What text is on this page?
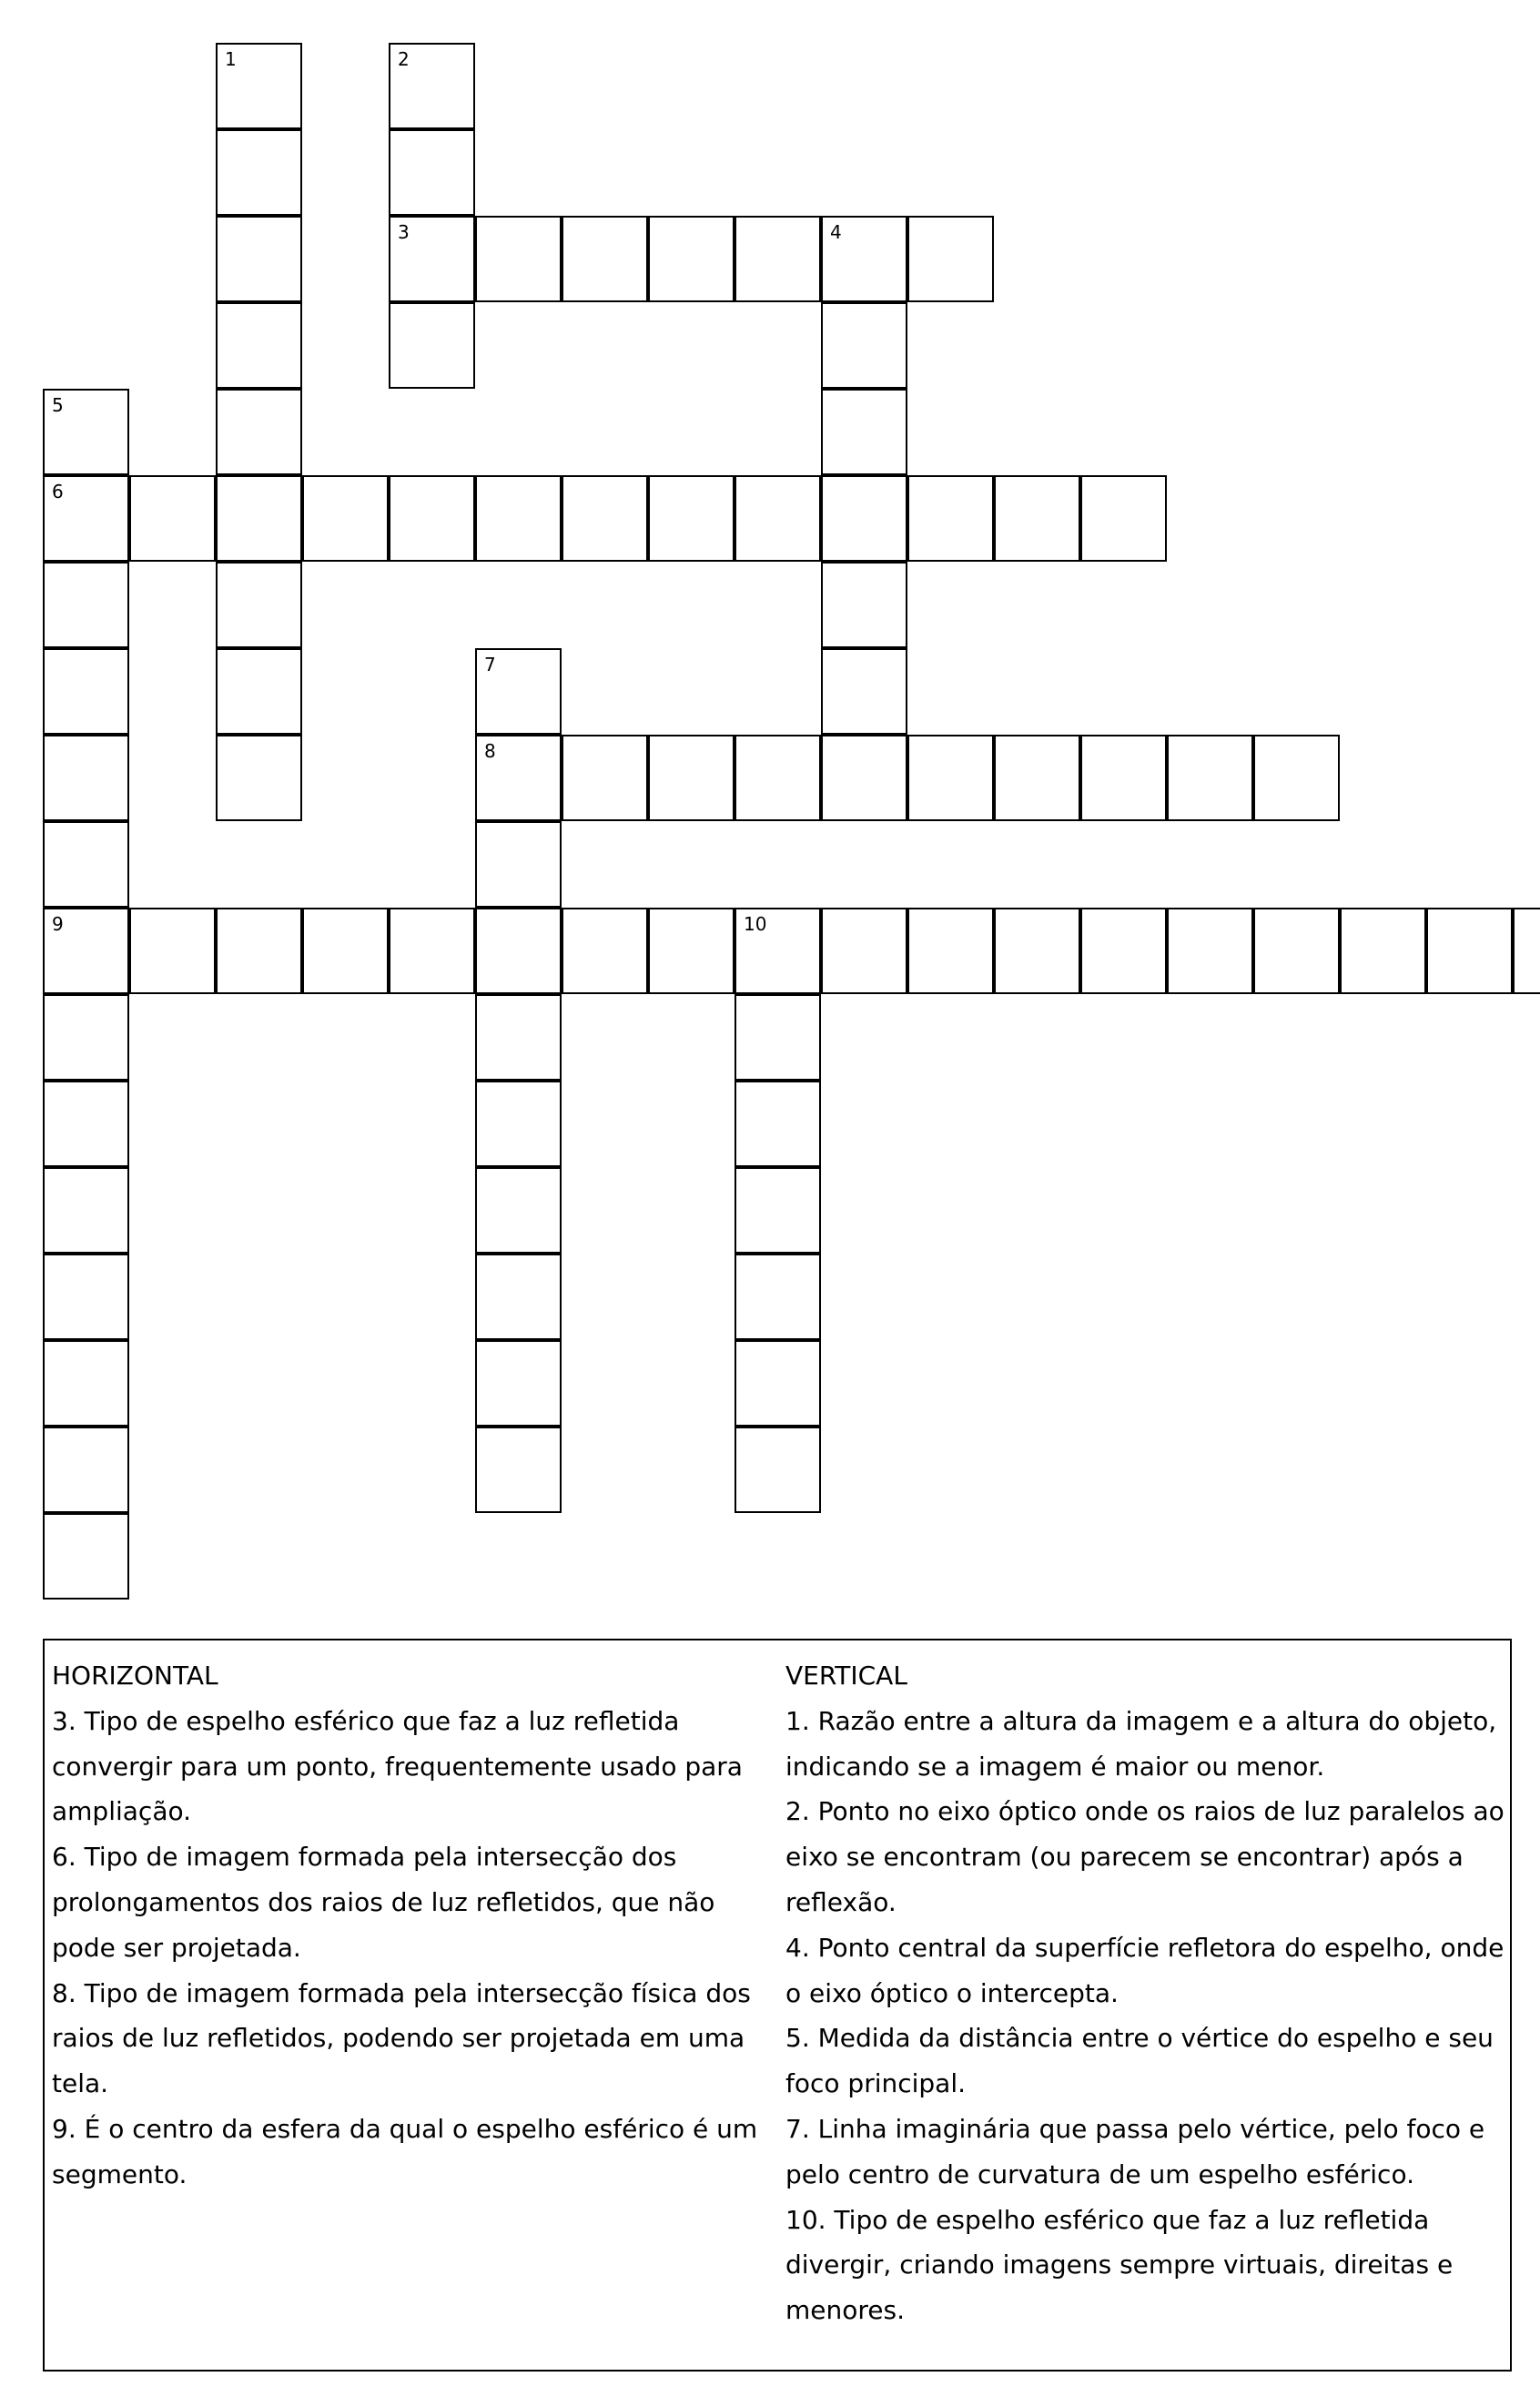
3	4
6
8
9	10
1	2
5
7
HORIZONTAL
3. Tipo de espelho esférico que faz a luz refletida convergir para um ponto, frequentemente usado para ampliação.
6. Tipo de imagem formada pela intersecção dos prolongamentos dos raios de luz refletidos, que não pode ser projetada.
8. Tipo de imagem formada pela intersecção física dos raios de luz refletidos, podendo ser projetada em uma tela.
9. É o centro da esfera da qual o espelho esférico é um segmento.
VERTICAL
1. Razão entre a altura da imagem e a altura do objeto, indicando se a imagem é maior ou menor.
2. Ponto no eixo óptico onde os raios de luz paralelos ao eixo se encontram (ou parecem se encontrar) após a reflexão.
4. Ponto central da superfície refletora do espelho, onde o eixo óptico o intercepta.
5. Medida da distância entre o vértice do espelho e seu foco principal.
7. Linha imaginária que passa pelo vértice, pelo foco e pelo centro de curvatura de um espelho esférico.
10. Tipo de espelho esférico que faz a luz refletida divergir, criando imagens sempre virtuais, direitas e menores.
